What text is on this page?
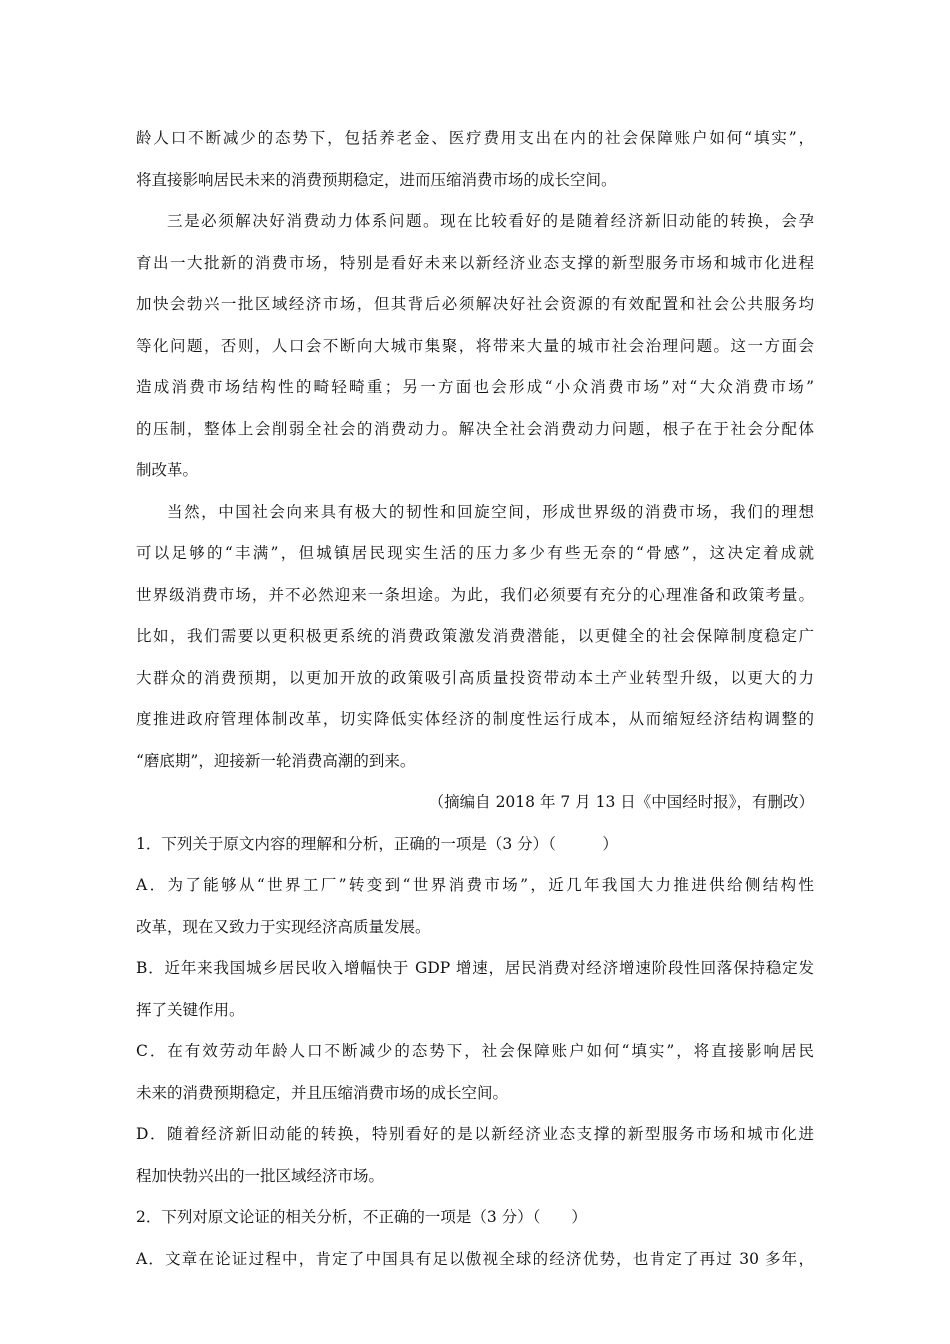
龄人口不断减少的态势下，包括养老金、医疗费用支出在内的社会保障账户如何“填实”，
将直接影响居民未来的消费预期稳定，进而压缩消费市场的成长空间。
三是必须解决好消费动力体系问题。现在比较看好的是随着经济新旧动能的转换，会孕
育出一大批新的消费市场，特别是看好未来以新经济业态支撑的新型服务市场和城市化进程
加快会勃兴一批区域经济市场，但其背后必须解决好社会资源的有效配置和社会公共服务均
等化问题，否则，人口会不断向大城市集聚，将带来大量的城市社会治理问题。这一方面会
造成消费市场结构性的畸轻畸重；另一方面也会形成“小众消费市场”对“大众消费市场”
的压制，整体上会削弱全社会的消费动力。解决全社会消费动力问题，根子在于社会分配体
制改革。
当然，中国社会向来具有极大的韧性和回旋空间，形成世界级的消费市场，我们的理想
可以足够的“丰满”，但城镇居民现实生活的压力多少有些无奈的“骨感”，这决定着成就
世界级消费市场，并不必然迎来一条坦途。为此，我们必须要有充分的心理准备和政策考量。
比如，我们需要以更积极更系统的消费政策激发消费潜能，以更健全的社会保障制度稳定广
大群众的消费预期，以更加开放的政策吸引高质量投资带动本土产业转型升级，以更大的力
度推进政府管理体制改革，切实降低实体经济的制度性运行成本，从而缩短经济结构调整的
“磨底期”，迎接新一轮消费高潮的到来。
（摘编自 2018 年 7 月 13 日《中国经时报》，有删改）
1．下列关于原文内容的理解和分析，正确的一项是（3 分）（　　　）
A．为了能够从“世界工厂”转变到“世界消费市场”，近几年我国大力推进供给侧结构性
改革，现在又致力于实现经济高质量发展。
B．近年来我国城乡居民收入增幅快于 GDP 增速，居民消费对经济增速阶段性回落保持稳定发
挥了关键作用。
C．在有效劳动年龄人口不断减少的态势下，社会保障账户如何“填实”，将直接影响居民
未来的消费预期稳定，并且压缩消费市场的成长空间。
D．随着经济新旧动能的转换，特别看好的是以新经济业态支撑的新型服务市场和城市化进
程加快勃兴出的一批区域经济市场。
2．下列对原文论证的相关分析，不正确的一项是（3 分）（　　）
A．文章在论证过程中，肯定了中国具有足以傲视全球的经济优势，也肯定了再过 30 多年，
